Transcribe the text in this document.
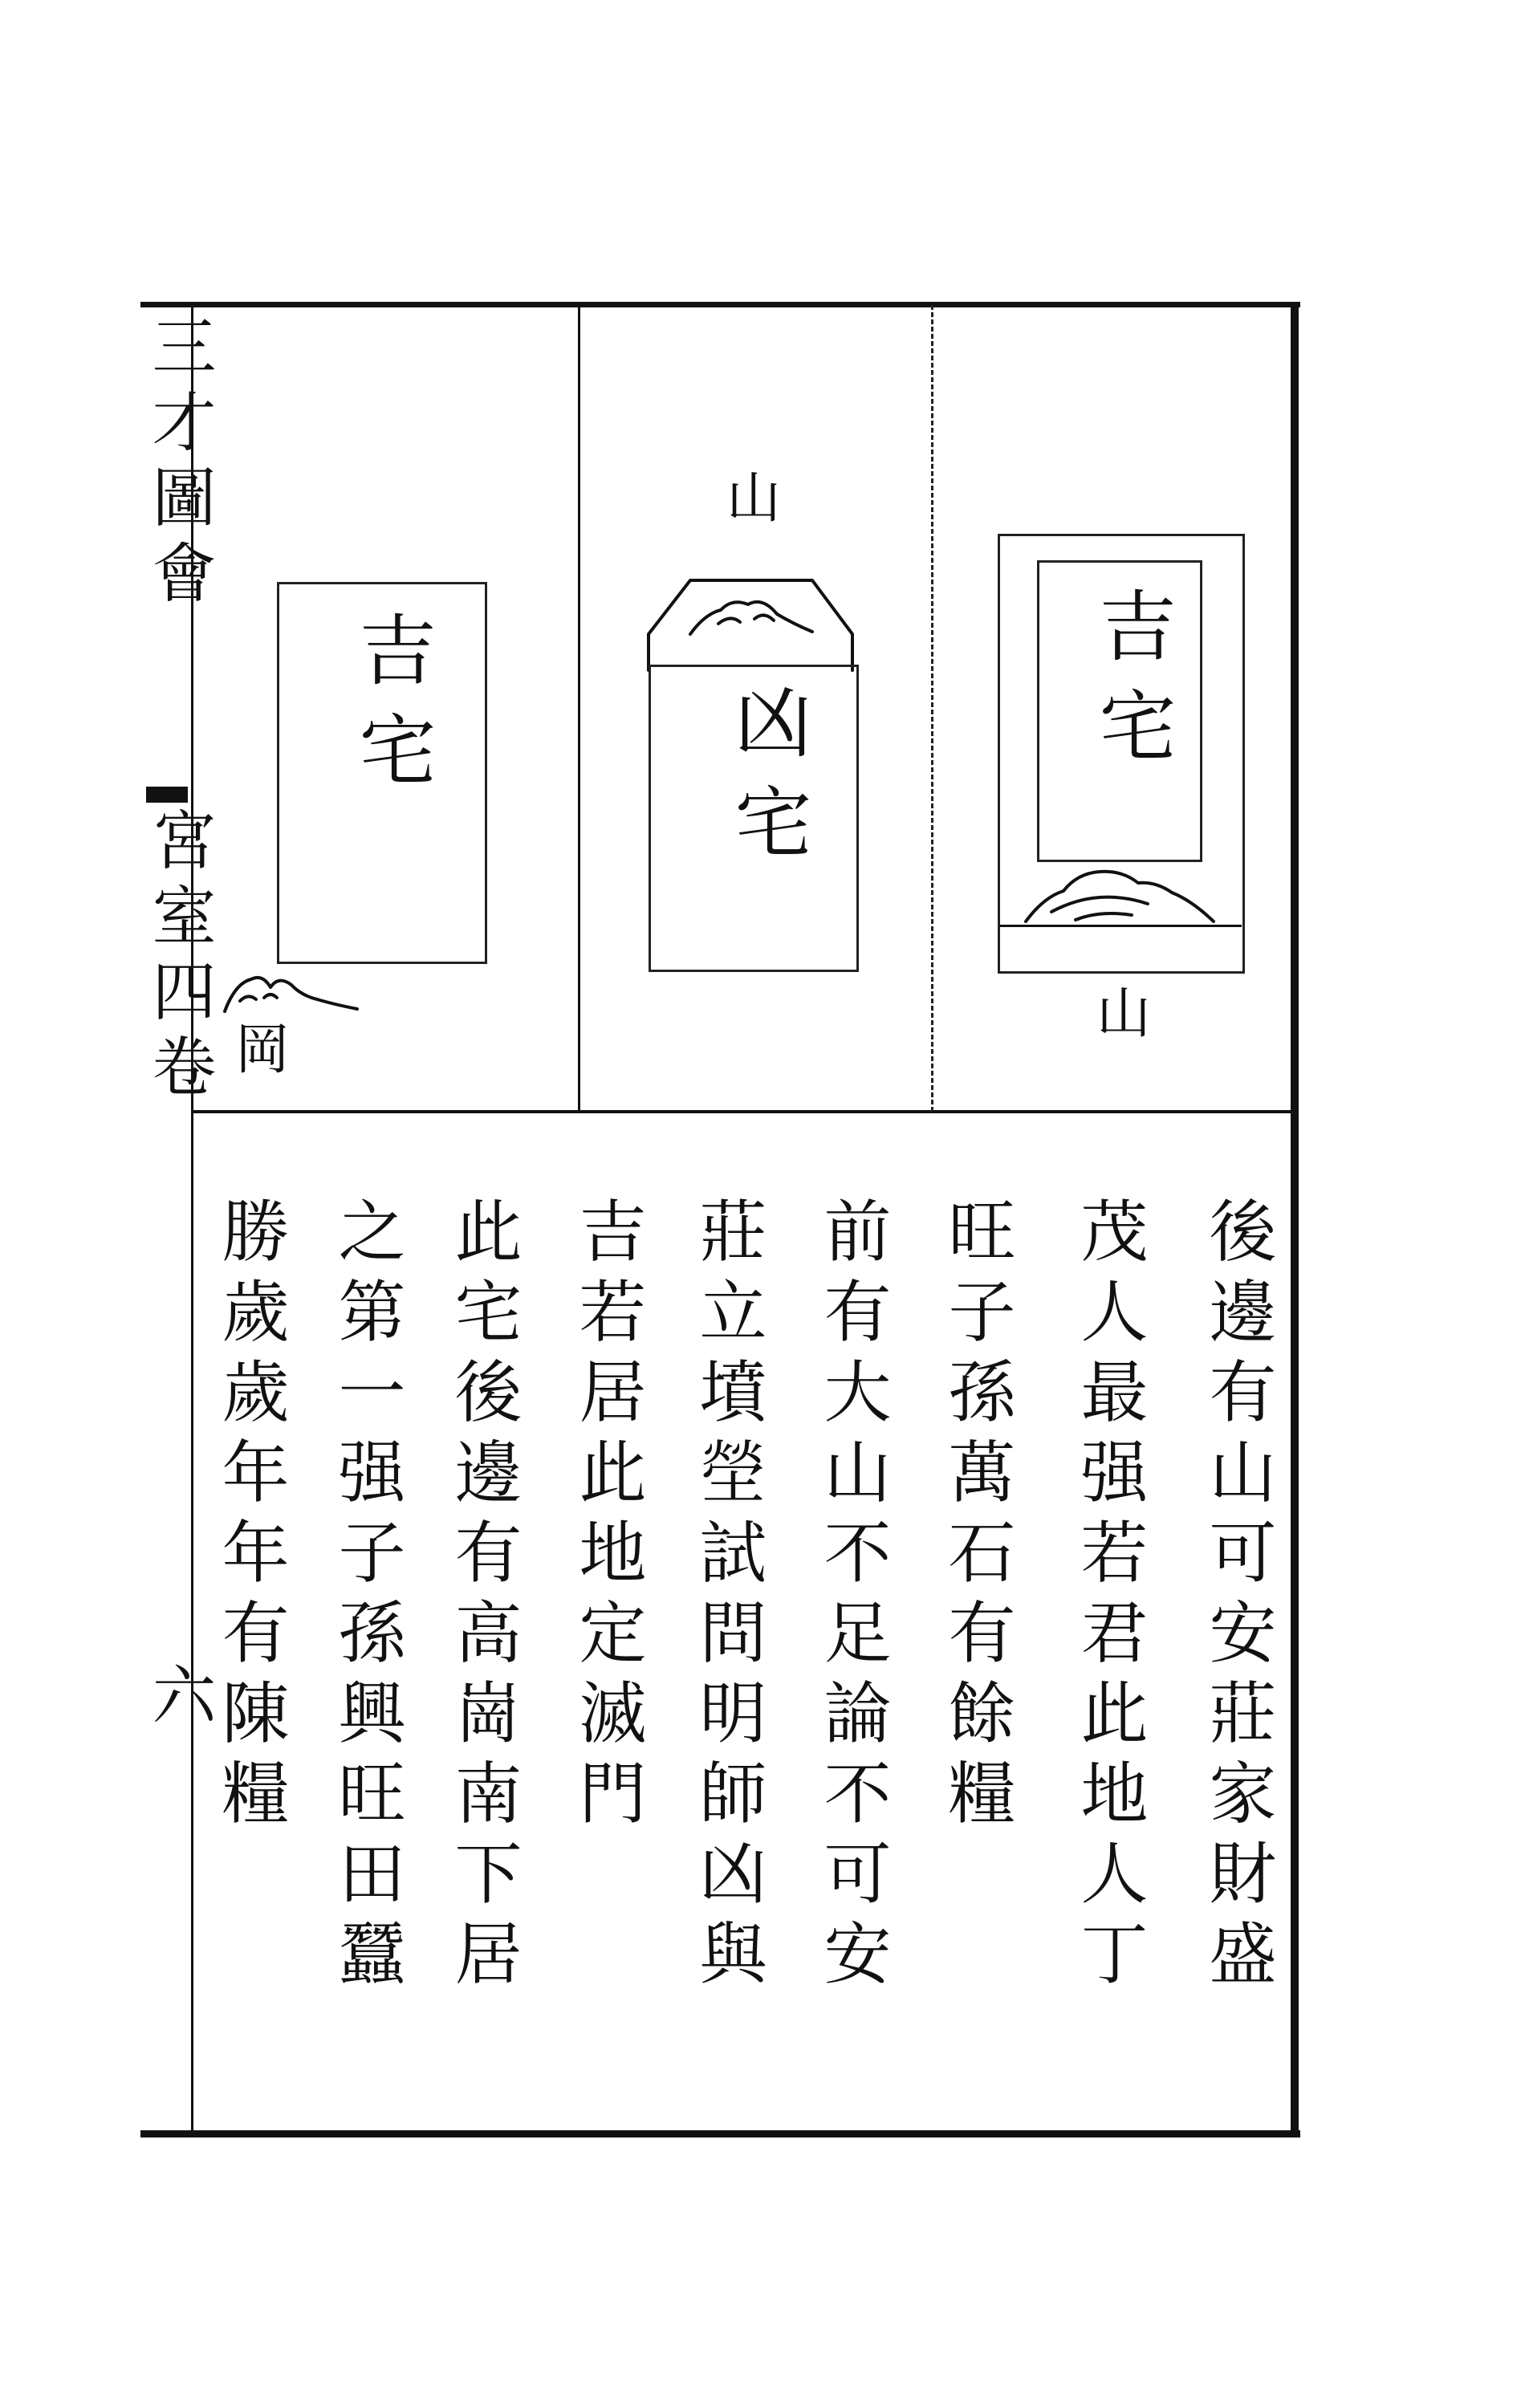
三才圖會
宮室四卷
六
吉宅
岡
山
凶宅	吉宅
山
後邊有山可安莊家財盛
茂人最强若君此地人丁
旺子孫萬石有餘糧
前有大山不足論不可安
莊立墳塋試問明師凶與
吉若居此地定滅門
此宅後邊有高崗南下居
之第一强子孫興旺田蠶
勝歲歲年年有陳糧
